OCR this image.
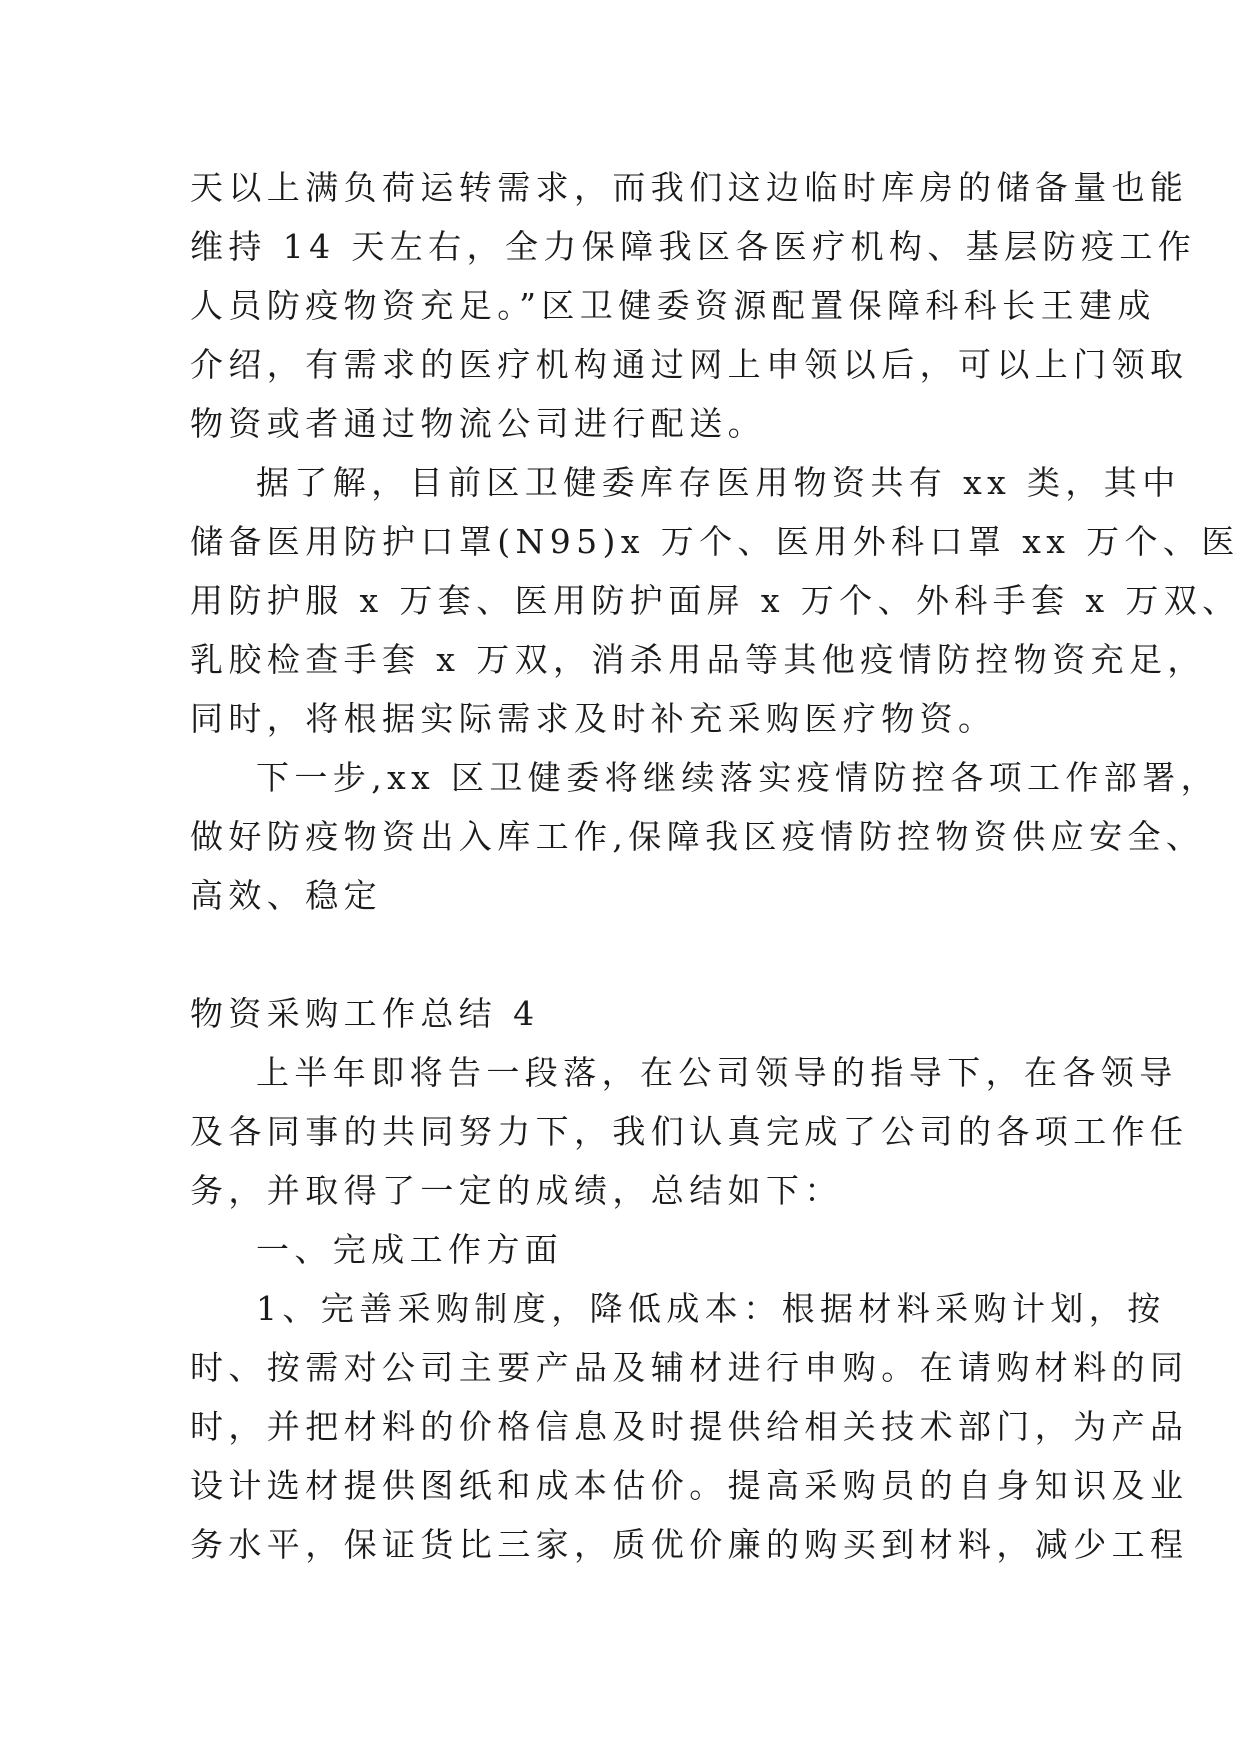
天以上满负荷运转需求，而我们这边临时库房的储备量也能
维持 14 天左右，全力保障我区各医疗机构、基层防疫工作
人员防疫物资充足。”区卫健委资源配置保障科科长王建成
介绍，有需求的医疗机构通过网上申领以后，可以上门领取
物资或者通过物流公司进行配送。
据了解，目前区卫健委库存医用物资共有 xx 类，其中
储备医用防护口罩(N95)x 万个、医用外科口罩 xx 万个、医
用防护服 x 万套、医用防护面屏 x 万个、外科手套 x 万双、
乳胶检查手套 x 万双，消杀用品等其他疫情防控物资充足，
同时，将根据实际需求及时补充采购医疗物资。
下一步,xx 区卫健委将继续落实疫情防控各项工作部署，
做好防疫物资出入库工作,保障我区疫情防控物资供应安全、
高效、稳定
物资采购工作总结 4
上半年即将告一段落，在公司领导的指导下，在各领导
及各同事的共同努力下，我们认真完成了公司的各项工作任
务，并取得了一定的成绩，总结如下：
一、完成工作方面
1、完善采购制度，降低成本：根据材料采购计划，按
时、按需对公司主要产品及辅材进行申购。在请购材料的同
时，并把材料的价格信息及时提供给相关技术部门，为产品
设计选材提供图纸和成本估价。提高采购员的自身知识及业
务水平，保证货比三家，质优价廉的购买到材料，减少工程
